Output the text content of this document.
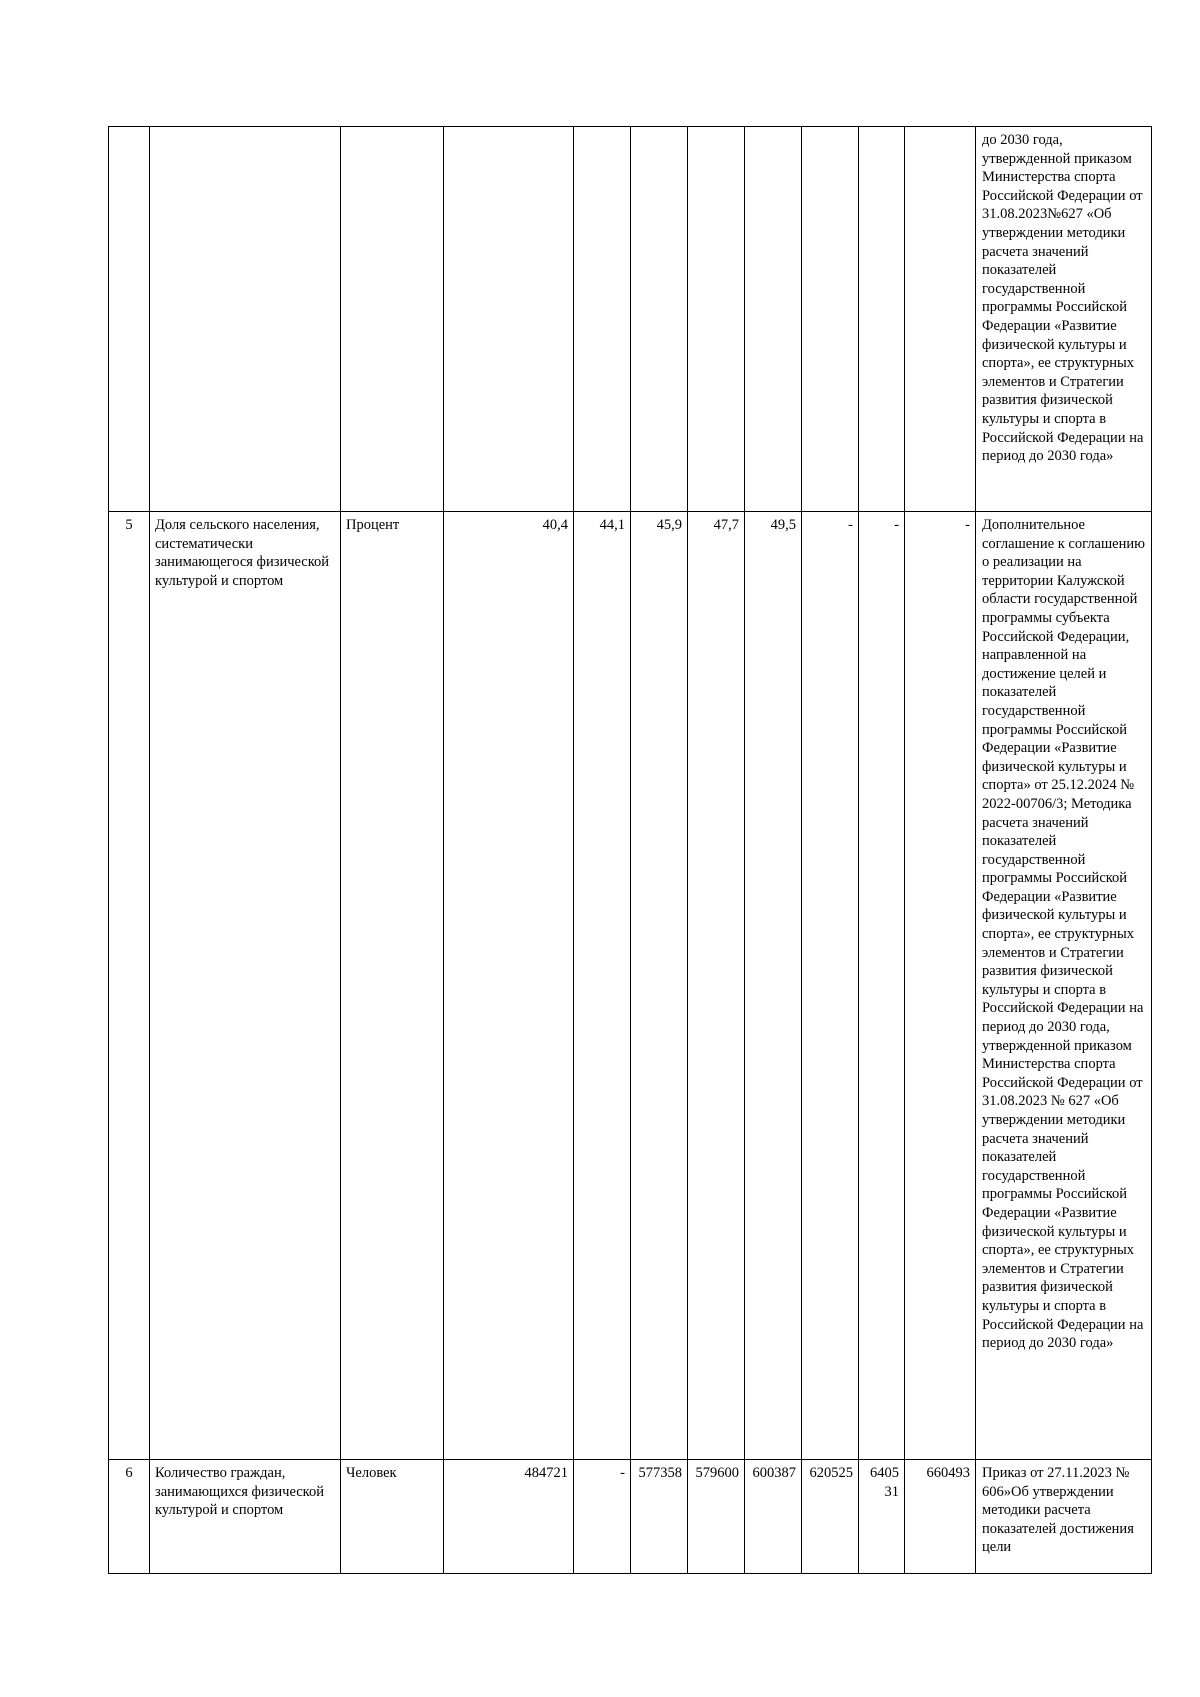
											до 2030 года, утвержденной приказом Министерства спорта Российской Федерации от 31.08.2023№627 «Об утверждении методики расчета значений показателей государственной программы Российской Федерации «Развитие физической культуры и спорта», ее структурных элементов и Стратегии развития физической культуры и спорта в Российской Федерации на период до 2030 года»
5	Доля сельского населения, систематически занимающегося физической культурой и спортом	Процент	40,4	44,1	45,9	47,7	49,5	-	-	-	Дополнительное соглашение к соглашению о реализации на территории Калужской области государственной программы субъекта Российской Федерации, направленной на достижение целей и показателей государственной программы Российской Федерации «Развитие физической культуры и спорта» от 25.12.2024 № 2022-00706/3; Методика расчета значений показателей государственной программы Российской Федерации «Развитие физической культуры и спорта», ее структурных элементов и Стратегии развития физической культуры и спорта в Российской Федерации на период до 2030 года, утвержденной приказом Министерства спорта Российской Федерации от 31.08.2023 № 627 «Об утверждении методики расчета значений показателей государственной программы Российской Федерации «Развитие физической культуры и спорта», ее структурных элементов и Стратегии развития физической культуры и спорта в Российской Федерации на период до 2030 года»
6	Количество граждан, занимающихся физической культурой и спортом	Человек	484721	-	577358	579600	600387	620525	640531	660493	Приказ от 27.11.2023 № 606»Об утверждении методики расчета показателей достижения цели
